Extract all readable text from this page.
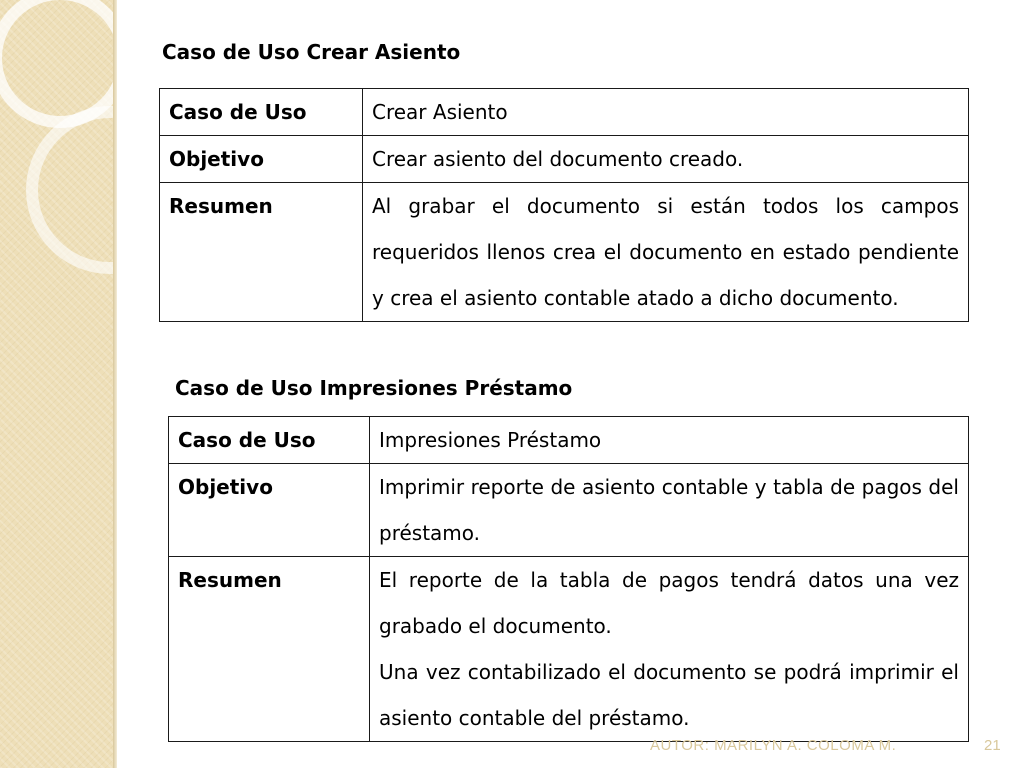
Caso de Uso Crear Asiento
Caso de Uso	Crear Asiento
Objetivo	Crear asiento del documento creado.
Resumen	Al grabar el documento si están todos los campos requeridos llenos crea el documento en estado pendiente y crea el asiento contable atado a dicho documento.
Caso de Uso Impresiones Préstamo
Caso de Uso	Impresiones Préstamo
Objetivo	Imprimir reporte de asiento contable y tabla de pagos del préstamo.
Resumen	El reporte de la tabla de pagos tendrá datos una vez grabado el documento.
Una vez contabilizado el documento se podrá imprimir el asiento contable del préstamo.
AUTOR: MARILYN A. COLOMA M.	21
